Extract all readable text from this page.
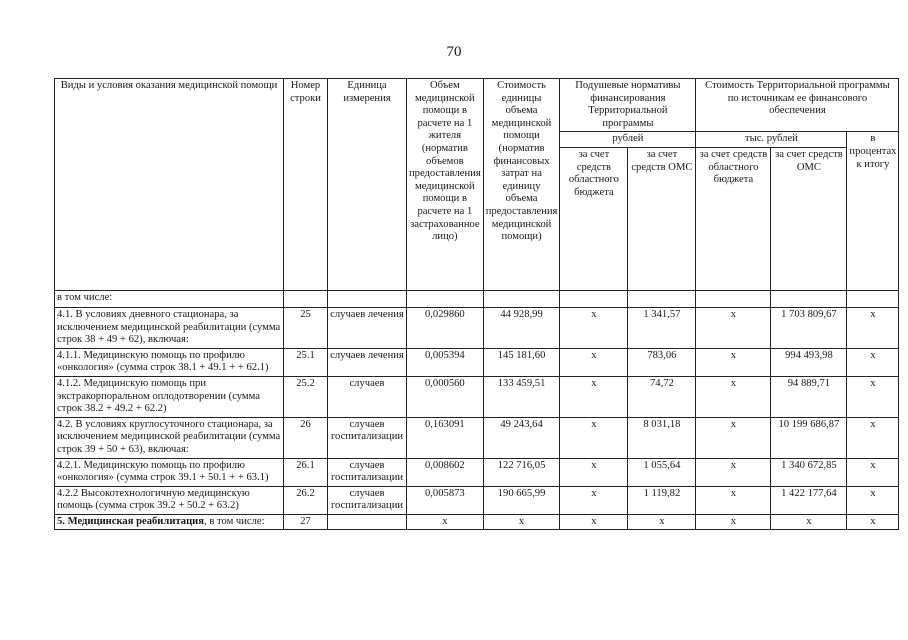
70
Виды и условия оказания медицинской помощи	Номер строки	Единица измерения	Объем медицинской помощи в расчете на 1 жителя (норматив объемов предоставления медицинской помощи в расчете на 1 застрахованное лицо)	Стоимость единицы объема медицинской помощи (норматив финансовых затрат на единицу объема предоставления медицинской помощи)	Подушевые нормативы финансирования Территориальной программы		Стоимость Территориальной программы по источникам ее финансового обеспечения		
					рублей		тыс. рублей		в процентах к итогу
					за счет средств областного бюджета	за счет средств ОМС	за счет средств областного бюджета	за счет средств ОМС	
в том числе:									
4.1. В условиях дневного стационара, за исключением медицинской реабилитации (сумма строк 38 + 49 + 62), включая:	25	случаев лечения	0,029860	44 928,99	x	1 341,57	x	1 703 809,67	x
4.1.1. Медицинскую помощь по профилю «онкология» (сумма строк 38.1 + 49.1 + + 62.1)	25.1	случаев лечения	0,005394	145 181,60	x	783,06	x	994 493,98	x
4.1.2. Медицинскую помощь при экстракорпоральном оплодотворении (сумма строк 38.2 + 49.2 + 62.2)	25.2	случаев	0,000560	133 459,51	x	74,72	x	94 889,71	x
4.2. В условиях круглосуточного стационара, за исключением медицинской реабилитации (сумма строк 39 + 50 + 63), включая:	26	случаев госпитализации	0,163091	49 243,64	x	8 031,18	x	10 199 686,87	x
4.2.1. Медицинскую помощь по профилю «онкология» (сумма строк 39.1 + 50.1 + + 63.1)	26.1	случаев госпитализации	0,008602	122 716,05	x	1 055,64	x	1 340 672,85	x
4.2.2 Высокотехнологичную медицинскую помощь (сумма строк 39.2 + 50.2 + 63.2)	26.2	случаев госпитализации	0,005873	190 665,99	x	1 119,82	x	1 422 177,64	x
5. Медицинская реабилитация, в том числе:	27		x	x	x	x	x	x	x
